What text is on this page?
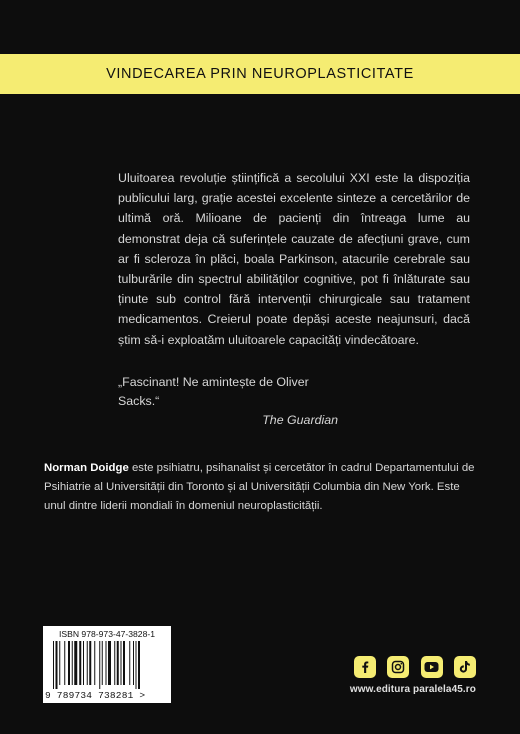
VINDECAREA PRIN NEUROPLASTICITATE

Uluitoarea revoluție științifică a secolului XXI este la dispoziția publicului larg, grație acestei excelente sinteze a cercetărilor de ultimă oră. Milioane de pacienți din întreaga lume au demonstrat deja că suferințele cauzate de afecțiuni grave, cum ar fi scleroza în plăci, boala Parkinson, atacurile cerebrale sau tulburările din spectrul abilităților cognitive, pot fi înlăturate sau ținute sub control fără intervenții chirurgicale sau tratament medicamentos. Creierul poate depăși aceste neajunsuri, dacă știm să-i exploatăm uluitoarele capacități vindecătoare.

„Fascinant! Ne amintește de Oliver Sacks.“
The Guardian

Norman Doidge este psihiatru, psihanalist și cercetător în cadrul Departamentului de Psihiatrie al Universității din Toronto și al Universității Columbia din New York. Este unul dintre liderii mondiali în domeniul neuroplasticității.

ISBN 978-973-47-3828-1
9 789734 738281 >
www.editura paralela45.ro
